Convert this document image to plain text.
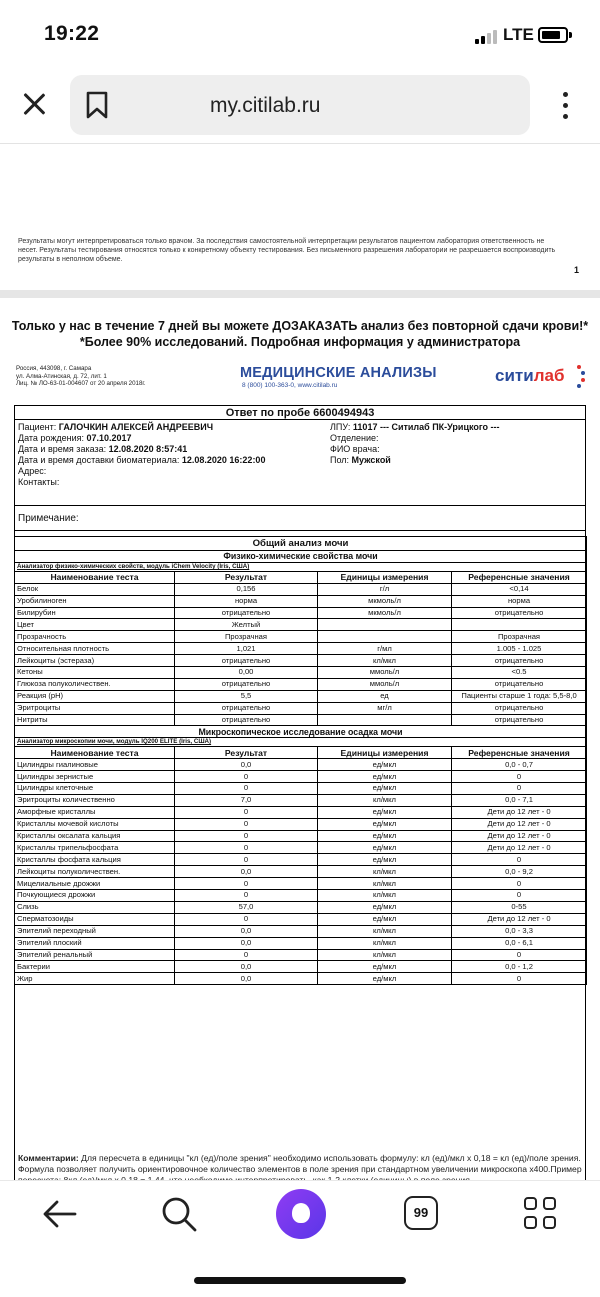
19:22	LTE
my.citilab.ru
Результаты могут интерпретироваться только врачом. За последствия самостоятельной интерпретации результатов пациентом лаборатория ответственность не несет. Результаты тестирования относятся только к конкретному объекту тестирования. Без письменного разрешения лаборатории не разрешается воспроизводить результаты в неполном объеме.
1
Только у нас в течение 7 дней вы можете ДОЗАКАЗАТЬ анализ без повторной сдачи крови!*
*Более 90% исследований. Подробная информация у администратора
Россия, 443098, г. Самара
ул. Алма-Атинская, д. 72, лит. 1
Лиц. № ЛО-63-01-004607 от 20 апреля 2018г.
МЕДИЦИНСКИЕ АНАЛИЗЫ
8 (800) 100-363-0, www.citilab.ru
ситилаб
Ответ по пробе 6600494943
Пациент: ГАЛОЧКИН АЛЕКСЕЙ АНДРЕЕВИЧ
Дата рождения: 07.10.2017
Дата и время заказа: 12.08.2020 8:57:41
Дата и время доставки биоматериала: 12.08.2020 16:22:00
Адрес:
Контакты:
ЛПУ: 11017 --- Ситилаб ПК-Урицкого ---
Отделение:
ФИО врача:
Пол: Мужской
Примечание:
Общий анализ мочи			
Физико-химические свойства мочи			
Анализатор физико-химических свойств, модуль iChem Velocity (Iris, США)			
Наименование теста	Результат	Единицы измерения	Референсные значения
Белок	0,156	г/л	<0,14
Уробилиноген	норма	мкмоль/л	норма
Билирубин	отрицательно	мкмоль/л	отрицательно
Цвет	Желтый		
Прозрачность	Прозрачная		Прозрачная
Относительная плотность	1,021	г/мл	1.005 - 1.025
Лейкоциты (эстераза)	отрицательно	кл/мкл	отрицательно
Кетоны	0,00	ммоль/л	<0.5
Глюкоза полуколичествен.	отрицательно	ммоль/л	отрицательно
Реакция (pH)	5,5	ед	Пациенты старше 1 года: 5,5-8,0
Эритроциты	отрицательно	мг/л	отрицательно
Нитриты	отрицательно		отрицательно
Микроскопическое исследование осадка мочи			
Анализатор микроскопии мочи, модуль IQ200 ELITE (Iris, США)			
Наименование теста	Результат	Единицы измерения	Референсные значения
Цилиндры гиалиновые	0,0	ед/мкл	0,0 - 0,7
Цилиндры зернистые	0	ед/мкл	0
Цилиндры клеточные	0	ед/мкл	0
Эритроциты количественно	7,0	кл/мкл	0,0 - 7,1
Аморфные кристаллы	0	ед/мкл	Дети до 12 лет - 0
Кристаллы мочевой кислоты	0	ед/мкл	Дети до 12 лет - 0
Кристаллы оксалата кальция	0	ед/мкл	Дети до 12 лет - 0
Кристаллы трипельфосфата	0	ед/мкл	Дети до 12 лет - 0
Кристаллы фосфата кальция	0	ед/мкл	0
Лейкоциты полуколичествен.	0,0	кл/мкл	0,0 - 9,2
Мицелиальные дрожжи	0	кл/мкл	0
Почкующиеся дрожжи	0	кл/мкл	0
Слизь	57,0	ед/мкл	0-55
Сперматозоиды	0	ед/мкл	Дети до 12 лет - 0
Эпителий переходный	0,0	кл/мкл	0,0 - 3,3
Эпителий плоский	0,0	кл/мкл	0,0 - 6,1
Эпителий ренальный	0	кл/мкл	0
Бактерии	0,0	ед/мкл	0,0 - 1,2
Жир	0,0	ед/мкл	0
Комментарии: Для пересчета в единицы "кл (ед)/поле зрения" необходимо использовать формулу: кл (ед)/мкл х 0,18 = кл (ед)/поле зрения. Формула позволяет получить ориентировочное количество элементов в поле зрения при стандартном увеличении микроскопа х400.Пример
99
